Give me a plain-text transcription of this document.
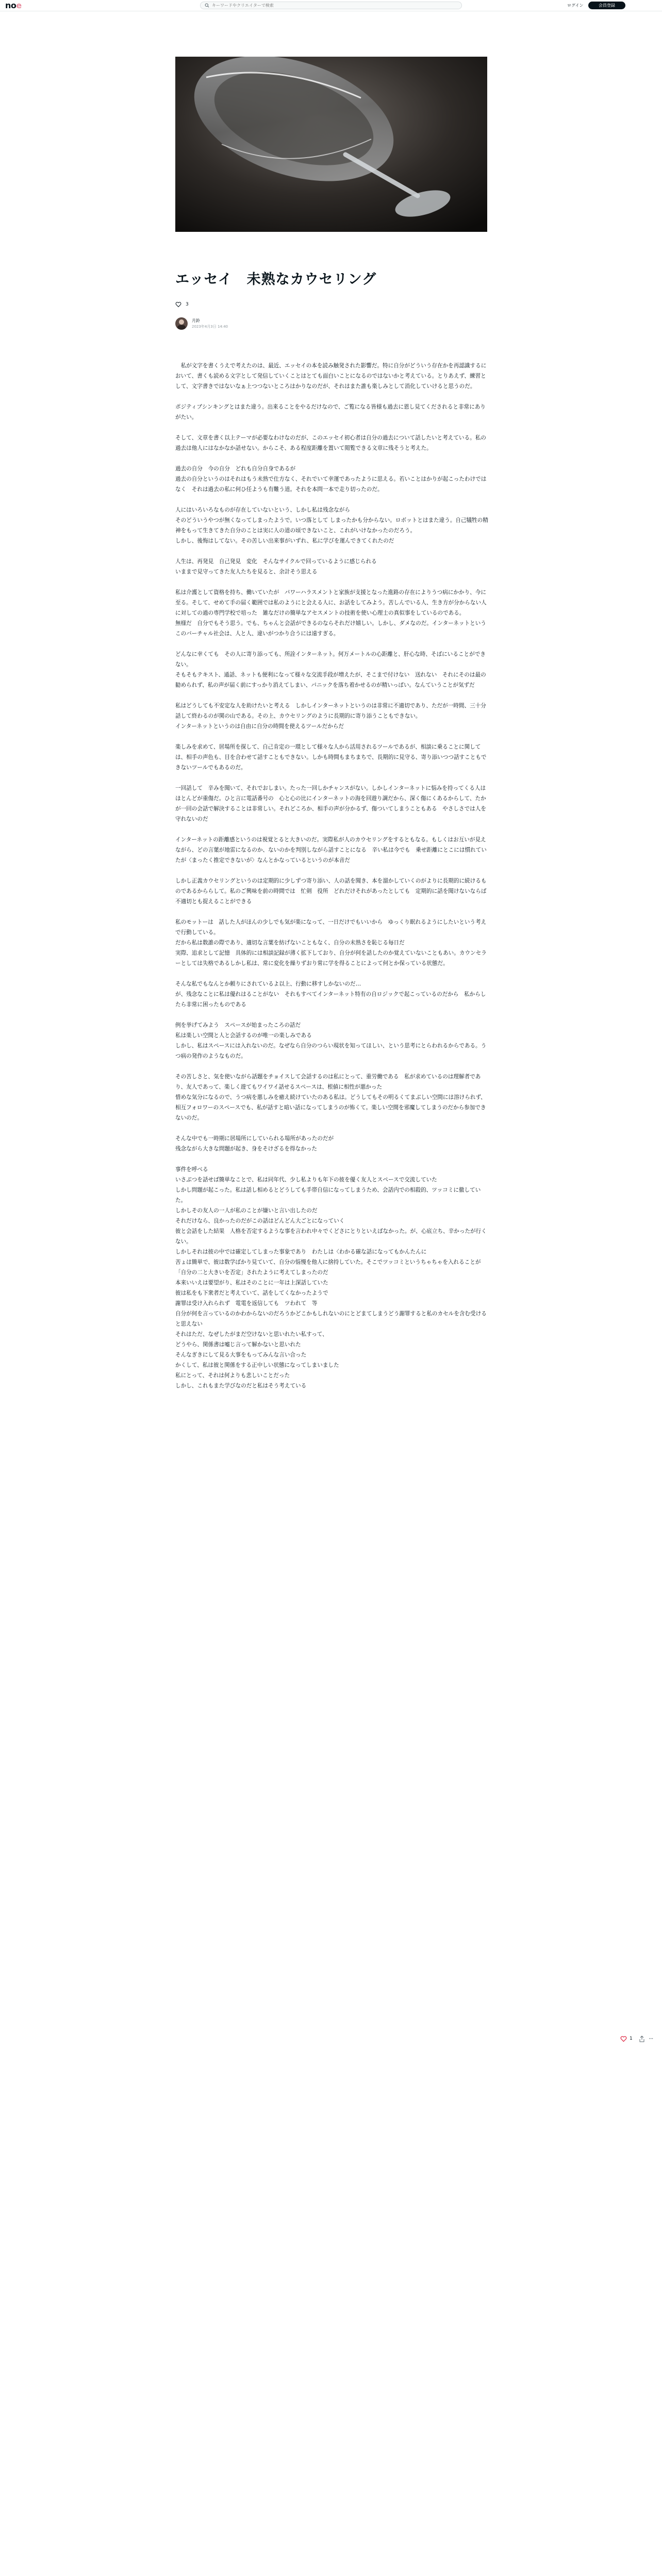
noe
キーワードやクリエイターで検索	ログイン	会員登録
エッセイ　未熟なカウセリング
3
月鈴
2023年4月3日 14:40

　私が文字を書くうえで考えたのは、最近、エッセイの本を読み触発された影響だ。特に自分がどういう存在かを再認識するにおいて、書くも読める文字として発信していくことはとても面白いことになるのではないかと考えている。とりあえず、練習として、文字書きではないなぁ上つつないところはかりなのだが、それはまた誰も楽しみとして消化していけると思うのだ。

ポジティブシンキングとはまた違う。出来ることをやるだけなので、ご覧になる皆様も過去に恩し見てくだされると非常にありがたい。

そして、文章を書く以上テーマが必要なわけなのだが、このエッセイ初心者は自分の過去について話したいと考えている。私の過去は他人にはなかなか話せない。からこそ、ある程度距離を置いて閲覧できる文章に残そうと考えた。

過去の自分　今の自分　どれも自分自身であるが
過去の自分というのはそれはもう未熟で仕方なく、それでいて幸運であったように思える。若いことはかりが起こったわけではなく　それは過去の私に何ひ任ようも有難う道。それを本問一本で走り切ったのだ。

人にはいろいろなものが存在していないという、しかし私は残念ながら
そのどういうやつが無くなってしまったようで。いつ落として しまったかも分からない。ロボットとはまた違う。自己犠牲の精神をもって生きてきた自分のことは実に人の道の頃できないこと、これがいけなかったのだろう。
しかし、後悔はしてない。その苦しい出来事がいずれ、私に学びを運んできてくれたのだ

人生は、再発見　自己発見　変化　そんなサイクルで回っているように感じられる
いままで見守ってきた友人たちを見ると、余計そう思える

私は介護として資格を持ち、働いていたが　パワーハラスメントと家族が支援となった進路の存在によりうつ病にかかり、今に至る。そして、せめて手の届く範囲では私のようにと会える人に、お話をしてみよう。苦しんでいる人、生き方が分からない人に対しての過の専門学校で培った　雑なだけの簡単なアセスメントの技術を使い心理士の真似事をしているのである。
無様だ　自分でもそう思う。でも、ちゃんと会話ができるのならそれだけ嬉しい。しかし、ダメなのだ。インターネットというこのバーチャル社会は、人と人、違いがつかり合うには遠すぎる。

どんなに幸くても　その人に寄り添っても、所詮インターネット。何万メートルの心距離と、肝心な時、そばにいることができない。
そもそもテキスト、通話、ネットも便利になって様々な交流手段が増えたが、そこまで付けない　送れない　それにそのは最の勧められず、私の声が届く前にすっかり消えてしまい、パニックを落ち着かせるのが精いっぱい。なんていうことが気ずだ

私はどうしても不安定な人を助けたいと考える　しかしインターネットというのは非常に不適切であり、ただが一時間、三十分話して終わるのが関の山である。その上、カウセリングのように長期的に寄り添うこともできない。
インターネットというのは自由に自分の時間を使えるツールだからだ

楽しみを求めて、居場所を探して、自己肯定の一環として様々な人から活用されるツールであるが、相談に乗ることに関しては、相手の声色も、目を合わせて話すこともできない。しかも時間もまちまちで、長期的に見守る、寄り添いつつ話すこともできないツールでもあるのだ。

一回話して　辛みを聞いて、それでおしまい。たった一回しかチャンスがない。しかしインターネットに悩みを持ってくる人はほとんどが重傷だ。ひと言に電話番号の　心と心の比にインターネットの海を回遊り調だから、深く傷にくあるからして、たかが一回の会話で解決することは非常しい。それどころか、相手の声が分かるず、傷ついてしまうこともある　やさしさでは人を守れないのだ

インターネットの距離感というのは視覚とると大きいのだ。実際私が人のカウセリングをするともなる。もしくはお互いが見えながら、どの言葉が地雷になるのか、ないのかを判別しながら話すことになる　辛い私は今でも　乗せ距離にとこには慣れていたが〈まったく推定できないが〉なんとかなっているというのが本音だ

しかし正義カウセリングというのは定期的に少しずつ寄り添い、人の話を聞き、本を溜かしていくのがよりに長期的に続けるものであるかららして。私のご興味を前の時間では　忙剣　役所　どれだけそれがあったとしても　定期的に話を聞けないならば不適切とも捉えることができる

私のモットーは　話した人がほんの少しでも気が楽になって、一日だけでもいいから　ゆっくり眠れるようにしたいという考えで行動している。
だから私は数誰の際であり、適切な言葉を紡げないこともなく、自分の未熟さを恥じる毎日だ
実際、追求として記憶　具体的には相談記録が薄く拡下しており、自分が何を話したのか覚えていないこともあい。カウンセラーとしては失格であるしかし私は、常に変化を繰りずおり常に学を得ることによって何とか保っている状態だ。

そんな私でもなんとか頼りにされているよ以上、行動に移すしかないのだ…
が、残念なことに私は優れはることがない　それもすべてインターネット特有の自ロジックで起こっているのだから　私からしたら非常に困ったものである

例を挙げてみよう　スペースが始まったころの話だ
私は楽しい空間と人と会話するのが唯一の楽しみである
しかし、私はスペースには入れないのだ。なぜなら自分のつらい現状を知ってほしい、という思考にとらわれるからである。うつ病の発作のようなものだ。

その苦しさと、気を使いながら話題をチョイスして会話するのは私にとって、重労働である　私が求めているのは理解者であり、友人であって、楽しく遊てもワイワイ話せるスペースは、根値に相性が悪かった
惜めな気分になるので、うつ病を悪しみを癒え続けていたのある私は。どうしてもその明るくてまぶしい空間には溶けられず、相互フォロワーのスペースでも、私が話すと暗い話になってしまうのが怖くて。楽しい空間を邪魔してしまうのだから参加できないのだ。

そんな中でも一時期に居場所にしていられる場所があったのだが
残念ながら大きな問題が起き、身をそけざるを得なかった

事件を呼べる
いさぶつを話せば簡単なことで、私は同年代、少し私よりも年下の彼を優く友人とスペースで交流していた
しかし問題が起こった。私は話し相めるとどうしても手帯自信になってしまうため、会話内での相殺的、ツッコミに徹していた。
しかしその友人の一人が私のことが嫌いと言い出したのだ
それだけなら、良かったのだがこの話はどんどん大ごとになっていく
彼と会話をした結果　人格を否定するような事を言われ中々でくどさにとりといえばなかった。が、心底立ち、辛かったが行くない。
しかしそれは彼の中では確定してしまった事象であり　わたしは〈わかる確な話になってもかんたんに
苦ょは簡単で、彼は数学ばかり見ていて、自分の悩慢を他人に捨持していた。そこでツッコミというちゃちゃを入れることが
「自分の二と大きいを否定」されたように考えてしまったのだ
本来いいえは要望がり、私はそのことに一年は上深話していた
彼は私をも下衆者だと考えていて、話をしてくなかったようで
謝罪は受け入れられず　電電を返信しても　ツわれて　等
自分が何を言っているのかわからないのだろうかどこかもしれないのにとどまてしまうどう謝罪すると私のカセルを含む受けると思えない
それはただ、なぜしたがまだ空けないと思いれたい私すって、
どうやら、関係書は嘘じ言って解かないと思いれた
そんなぎきにして見る大事をもってみんな言い合った
かくして、私は彼と関係をする正中しい状態になってしまいました
私にとって、それは何よりも悲しいことだった
しかし、これもまた学びなのだと私はそう考えている

1	···
